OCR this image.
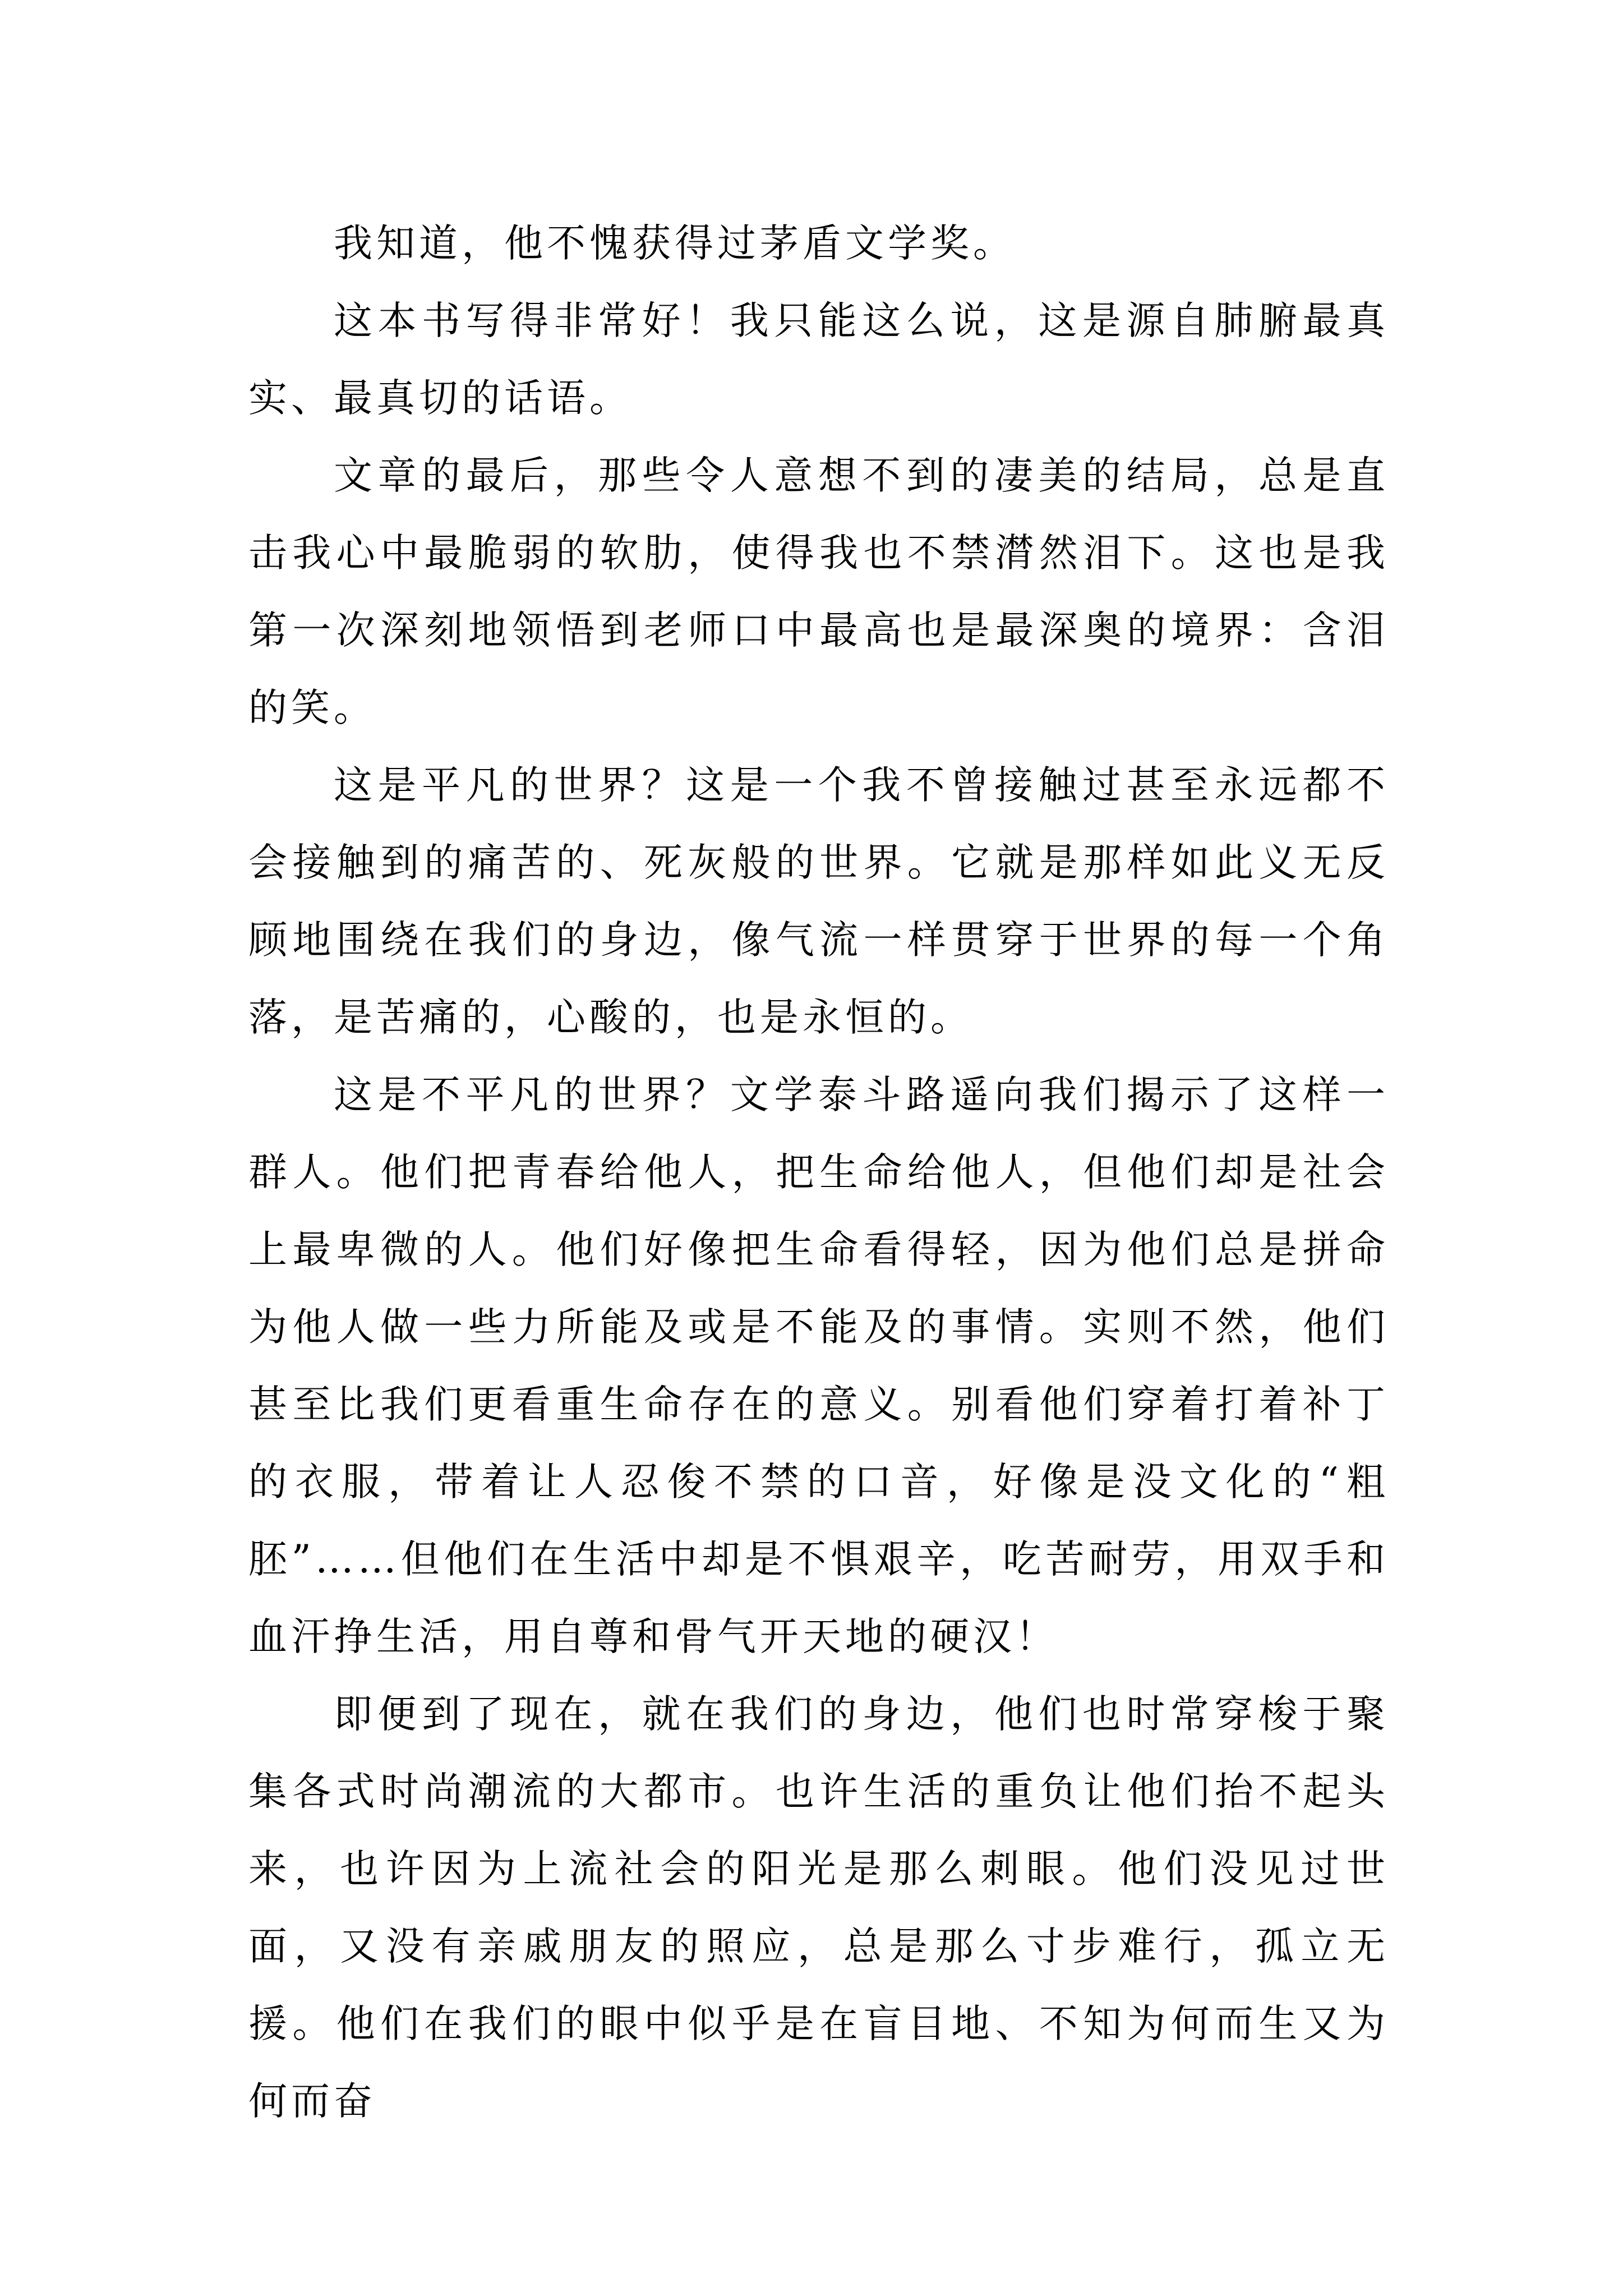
我知道，他不愧获得过茅盾文学奖。

这本书写得非常好！我只能这么说，这是源自肺腑最真实、最真切的话语。

文章的最后，那些令人意想不到的凄美的结局，总是直击我心中最脆弱的软肋，使得我也不禁潸然泪下。这也是我第一次深刻地领悟到老师口中最高也是最深奥的境界：含泪的笑。

这是平凡的世界？这是一个我不曾接触过甚至永远都不会接触到的痛苦的、死灰般的世界。它就是那样如此义无反顾地围绕在我们的身边，像气流一样贯穿于世界的每一个角落，是苦痛的，心酸的，也是永恒的。

这是不平凡的世界？文学泰斗路遥向我们揭示了这样一群人。他们把青春给他人，把生命给他人，但他们却是社会上最卑微的人。他们好像把生命看得轻，因为他们总是拼命为他人做一些力所能及或是不能及的事情。实则不然，他们甚至比我们更看重生命存在的意义。别看他们穿着打着补丁的衣服，带着让人忍俊不禁的口音，好像是没文化的“粗胚”……但他们在生活中却是不惧艰辛，吃苦耐劳，用双手和血汗挣生活，用自尊和骨气开天地的硬汉！

即便到了现在，就在我们的身边，他们也时常穿梭于聚集各式时尚潮流的大都市。也许生活的重负让他们抬不起头来，也许因为上流社会的阳光是那么刺眼。他们没见过世面，又没有亲戚朋友的照应，总是那么寸步难行，孤立无援。他们在我们的眼中似乎是在盲目地、不知为何而生又为何而奋
